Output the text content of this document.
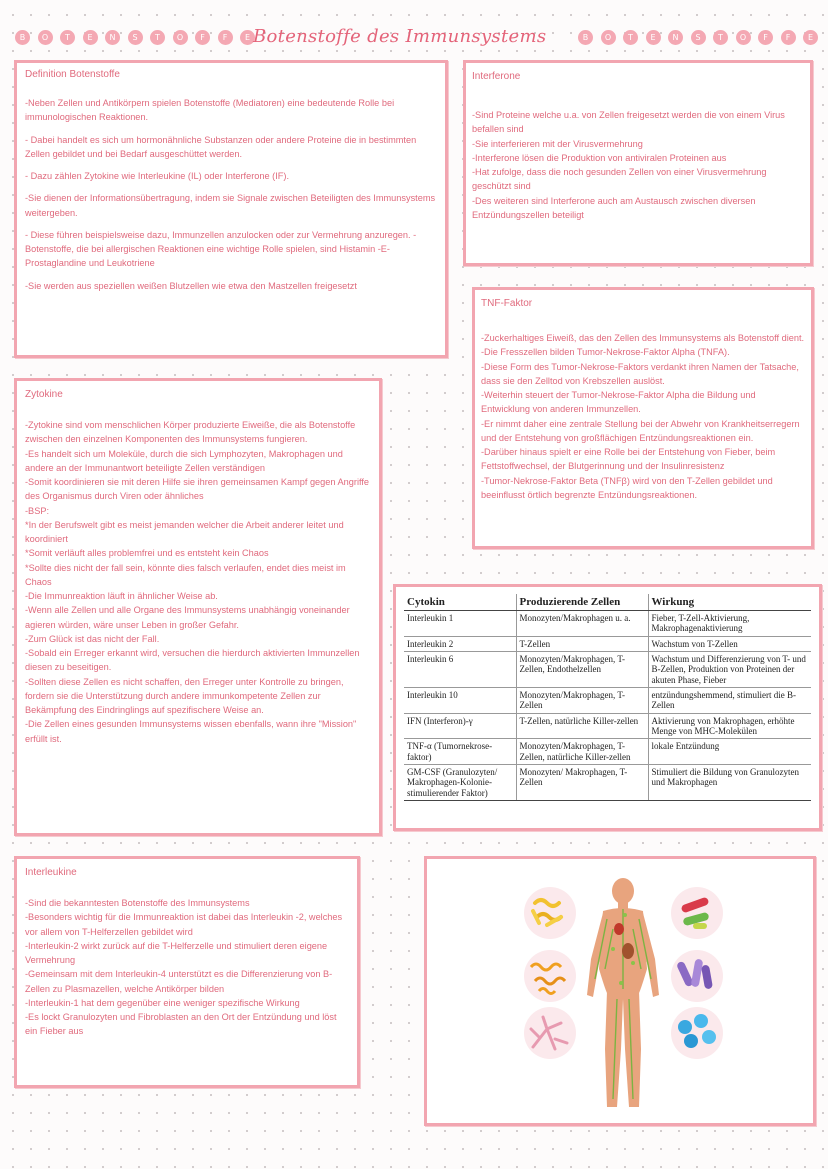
B	O	T	E	N	S	T	O	F	F	E Botenstoffe des Immunsystems	B	O	T	E	N	S	T	O	F	F	E
Definition Botenstoffe

-Neben Zellen und Antikörpern spielen Botenstoffe (Mediatoren) eine bedeutende Rolle bei immunologischen Reaktionen.

- Dabei handelt es sich um hormonähnliche Substanzen oder andere Proteine die in bestimmten Zellen gebildet und bei Bedarf ausgeschüttet werden.

- Dazu zählen Zytokine wie Interleukine (IL) oder Interferone (IF).

-Sie dienen der Informationsübertragung, indem sie Signale zwischen Beteiligten des Immunsystems weitergeben.

- Diese führen beispielsweise dazu, Immunzellen anzulocken oder zur Vermehrung anzuregen. -Botenstoffe, die bei allergischen Reaktionen eine wichtige Rolle spielen, sind Histamin -E-Prostaglandine und Leukotriene

-Sie werden aus speziellen weißen Blutzellen wie etwa den Mastzellen freigesetzt

Interferone

-Sind Proteine welche u.a. von Zellen freigesetzt werden die von einem Virus befallen sind

-Sie interferieren mit der Virusvermehrung

-Interferone lösen die Produktion von antiviralen Proteinen aus

-Hat zufolge, dass die noch gesunden Zellen von einer Virusvermehrung geschützt sind

-Des weiteren sind Interferone auch am Austausch zwischen diversen Entzündungszellen beteiligt

TNF-Faktor

-Zuckerhaltiges Eiweiß, das den Zellen des Immunsystems als Botenstoff dient.

-Die Fresszellen bilden Tumor-Nekrose-Faktor Alpha (TNFA).

-Diese Form des Tumor-Nekrose-Faktors verdankt ihren Namen der Tatsache, dass sie den Zelltod von Krebszellen auslöst.

-Weiterhin steuert der Tumor-Nekrose-Faktor Alpha die Bildung und Entwicklung von anderen Immunzellen.

-Er nimmt daher eine zentrale Stellung bei der Abwehr von Krankheitserregern und der Entstehung von großflächigen Entzündungsreaktionen ein.

-Darüber hinaus spielt er eine Rolle bei der Entstehung von Fieber, beim Fettstoffwechsel, der Blutgerinnung und der Insulinresistenz

-Tumor-Nekrose-Faktor Beta (TNFβ) wird von den T-Zellen gebildet und beeinflusst örtlich begrenzte Entzündungsreaktionen.

Zytokine

-Zytokine sind vom menschlichen Körper produzierte Eiweiße, die als Botenstoffe zwischen den einzelnen Komponenten des Immunsystems fungieren.

-Es handelt sich um Moleküle, durch die sich Lymphozyten, Makrophagen und andere an der Immunantwort beteiligte Zellen verständigen

-Somit koordinieren sie mit deren Hilfe sie ihren gemeinsamen Kampf gegen Angriffe des Organismus durch Viren oder ähnliches

-BSP:

*In der Berufswelt gibt es meist jemanden welcher die Arbeit anderer leitet und koordiniert

*Somit verläuft alles problemfrei und es entsteht kein Chaos

*Sollte dies nicht der fall sein, könnte dies falsch verlaufen, endet dies meist im Chaos

-Die Immunreaktion läuft in ähnlicher Weise ab.

-Wenn alle Zellen und alle Organe des Immunsystems unabhängig voneinander agieren würden, wäre unser Leben in großer Gefahr.

-Zum Glück ist das nicht der Fall.

-Sobald ein Erreger erkannt wird, versuchen die hierdurch aktivierten Immunzellen diesen zu beseitigen.

-Sollten diese Zellen es nicht schaffen, den Erreger unter Kontrolle zu bringen, fordern sie die Unterstützung durch andere immunkompetente Zellen zur Bekämpfung des Eindringlings auf spezifischere Weise an.

-Die Zellen eines gesunden Immunsystems wissen ebenfalls, wann ihre "Mission" erfüllt ist.

Cytokin	Produzierende Zellen	Wirkung
Interleukin 1	Monozyten/Makrophagen u. a.	Fieber, T-Zell-Aktivierung, Makrophagenaktivierung
Interleukin 2	T-Zellen	Wachstum von T-Zellen
Interleukin 6	Monozyten/Makrophagen, T-Zellen, Endothelzellen	Wachstum und Differenzierung von T- und B-Zellen, Produktion von Proteinen der akuten Phase, Fieber
Interleukin 10	Monozyten/Makrophagen, T-Zellen	entzündungshemmend, stimuliert die B-Zellen
IFN (Interferon)-γ	T-Zellen, natürliche Killer-zellen	Aktivierung von Makrophagen, erhöhte Menge von MHC-Molekülen
TNF-α (Tumornekrose-faktor)	Monozyten/Makrophagen, T-Zellen, natürliche Killer-zellen	lokale Entzündung
GM-CSF (Granulozyten/ Makrophagen-Kolonie-stimulierender Faktor)	Monozyten/ Makrophagen, T-Zellen	Stimuliert die Bildung von Granulozyten und Makrophagen
Interleukine

-Sind die bekanntesten Botenstoffe des Immunsystems

-Besonders wichtig für die Immunreaktion ist dabei das Interleukin -2, welches vor allem von T-Helferzellen gebildet wird

-Interleukin-2 wirkt zurück auf die T-Helferzelle und stimuliert deren eigene Vermehrung

-Gemeinsam mit dem Interleukin-4 unterstützt es die Differenzierung von B-Zellen zu Plasmazellen, welche Antikörper bilden

-Interleukin-1 hat dem gegenüber eine weniger spezifische Wirkung

-Es lockt Granulozyten und Fibroblasten an den Ort der Entzündung und löst ein Fieber aus
